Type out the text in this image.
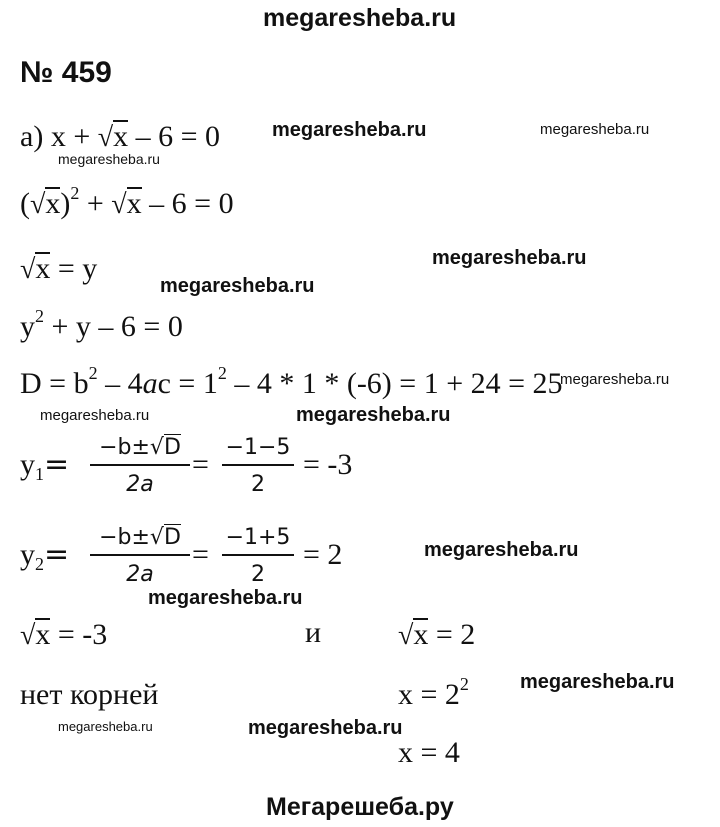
megaresheba.ru
№ 459
а) x + √x – 6 = 0
$(√x)^2 + √x - 6 = 0$
√x = y
$y^2 + y - 6 = 0$
$D = b^2 - 4ac = 1^2 - 4 * 1 * (-6) = 1 + 24 = 25$
$y_1= \frac{-b\pm√D}{2a} = \frac{-1-5}{2} = -3$
$y_2= \frac{-b\pm√D}{2a} = \frac{-1+5}{2} = 2$
√x = -3	и	√x = 2
нет корней	$x = 2^2$
x = 4
megaresheba.ru	megaresheba.ru
megaresheba.ru
megaresheba.ru
megaresheba.ru
megaresheba.ru	megaresheba.ru
megaresheba.ru
megaresheba.ru
megaresheba.ru
megaresheba.ru
megaresheba.ru	megaresheba.ru
Мегарешеба.ру
